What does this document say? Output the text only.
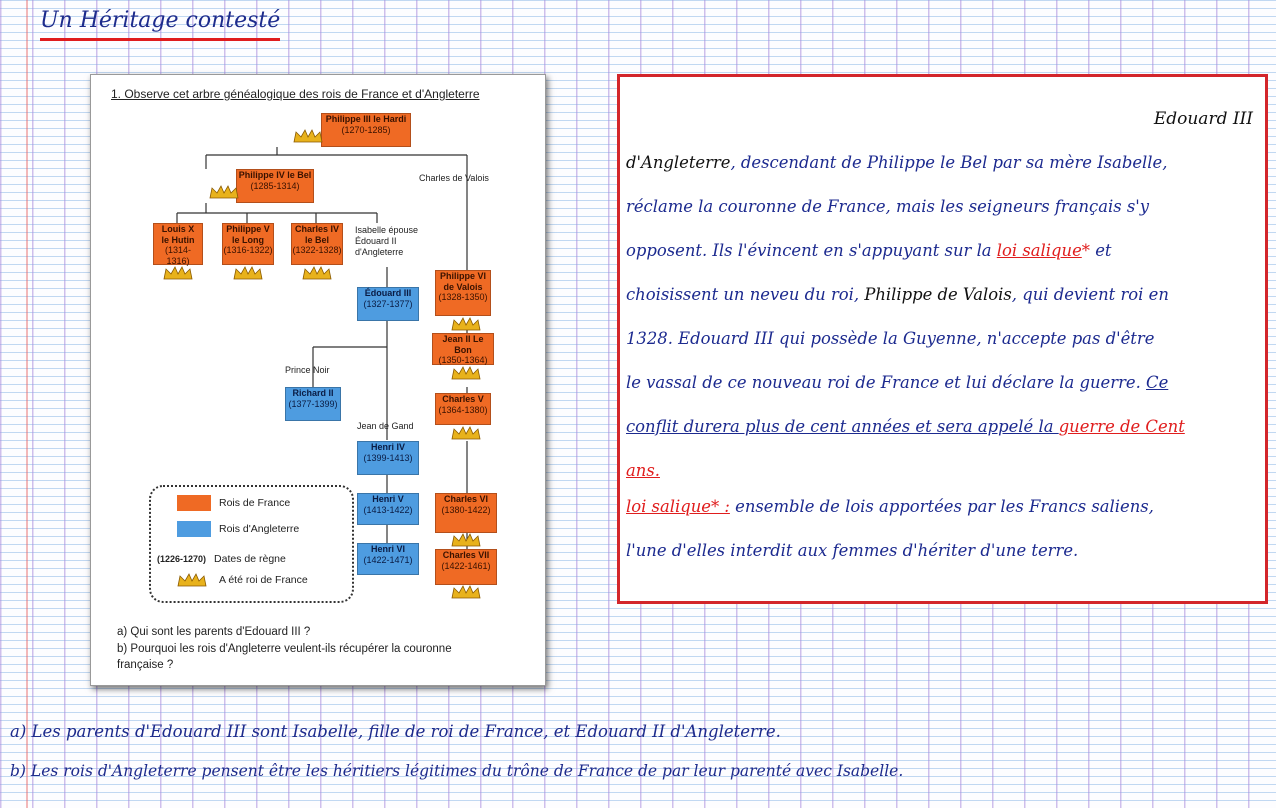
Un Héritage contesté
1. Observe cet arbre généalogique des rois de France et d'Angleterre
Philippe III le Hardi
(1270-1285)
Charles de Valois
Philippe IV le Bel
(1285-1314)
Louis X
le Hutin
(1314-1316)
Philippe V
le Long
(1316-1322)
Charles IV
le Bel
(1322-1328)
Isabelle épouse
Édouard II
d'Angleterre
Édouard III
(1327-1377)
Philippe VI
de Valois
(1328-1350)
Prince Noir
Jean II Le Bon
(1350-1364)
Richard II
(1377-1399)	Charles V
(1364-1380)
Jean de Gand
Henri IV
(1399-1413)
Henri V
(1413-1422)
Charles VI
(1380-1422)
Henri VI
(1422-1471)	Charles VII
(1422-1461)
Rois de France
Rois d'Angleterre
(1226-1270) Dates de règne
A été roi de France
a) Qui sont les parents d'Edouard III ?
b) Pourquoi les rois d'Angleterre veulent-ils récupérer la couronne
française ?
Edouard III
d'Angleterre, descendant de Philippe le Bel par sa mère Isabelle,
réclame la couronne de France, mais les seigneurs français s'y
opposent. Ils l'évincent en s'appuyant sur la loi salique* et
choisissent un neveu du roi, Philippe de Valois, qui devient roi en
1328. Edouard III qui possède la Guyenne, n'accepte pas d'être
le vassal de ce nouveau roi de France et lui déclare la guerre. Ce
conflit durera plus de cent années et sera appelé la guerre de Cent
ans.
loi salique* : ensemble de lois apportées par les Francs saliens,
l'une d'elles interdit aux femmes d'hériter d'une terre.
a) Les parents d'Edouard III sont Isabelle, fille de roi de France, et Edouard II d'Angleterre.
b) Les rois d'Angleterre pensent être les héritiers légitimes du trône de France de par leur parenté avec Isabelle.
